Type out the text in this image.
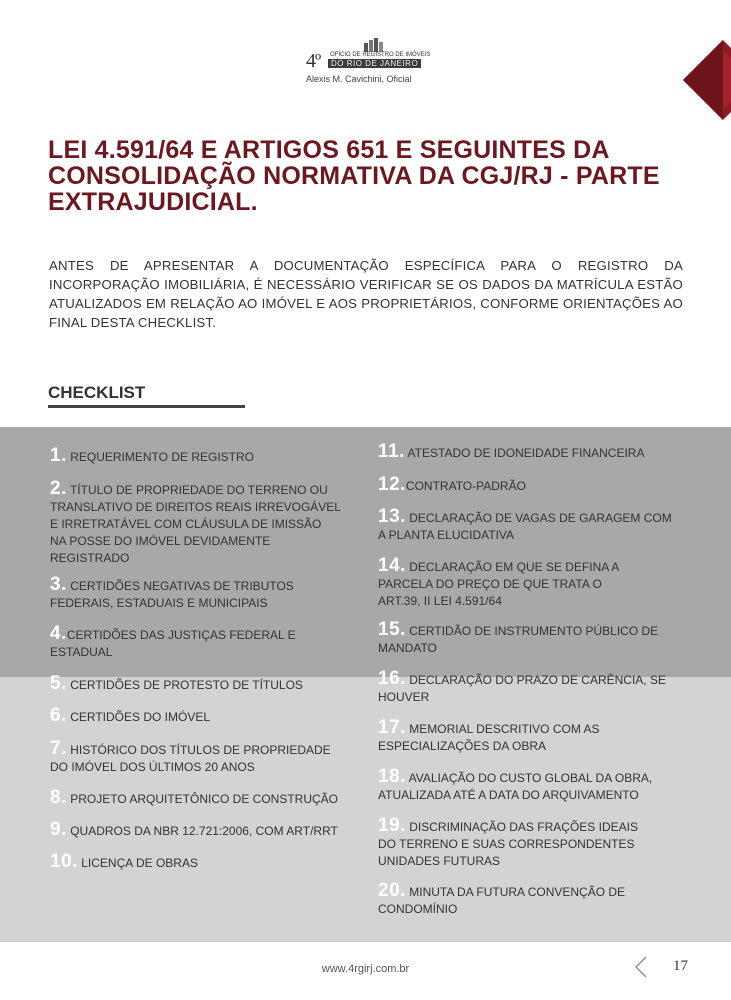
4º OFÍCIO DE REGISTRO DE IMÓVEIS
DO RIO DE JANEIRO
Alexis M. Cavichini, Oficial
LEI 4.591/64 E ARTIGOS 651 E SEGUINTES DA CONSOLIDAÇÃO NORMATIVA DA CGJ/RJ - PARTE EXTRAJUDICIAL.

ANTES DE APRESENTAR A DOCUMENTAÇÃO ESPECÍFICA PARA O REGISTRO DA INCORPORAÇÃO IMOBILIÁRIA, É NECESSÁRIO VERIFICAR SE OS DADOS DA MATRÍCULA ESTÃO ATUALIZADOS EM RELAÇÃO AO IMÓVEL E AOS PROPRIETÁRIOS, CONFORME ORIENTAÇÕES AO FINAL DESTA CHECKLIST.

CHECKLIST
1. REQUERIMENTO DE REGISTRO
2. TÍTULO DE PROPRIEDADE DO TERRENO OU
TRANSLATIVO DE DIREITOS REAIS IRREVOGÁVEL
E IRRETRATÁVEL COM CLÁUSULA DE IMISSÃO
NA POSSE DO IMÓVEL DEVIDAMENTE
REGISTRADO
3. CERTIDÕES NEGATIVAS DE TRIBUTOS
FEDERAIS, ESTADUAIS E MUNICIPAIS
4.CERTIDÕES DAS JUSTIÇAS FEDERAL E
ESTADUAL
5. CERTIDÕES DE PROTESTO DE TÍTULOS
6. CERTIDÕES DO IMÓVEL
7. HISTÓRICO DOS TÍTULOS DE PROPRIEDADE
DO IMÓVEL DOS ÚLTIMOS 20 ANOS
8. PROJETO ARQUITETÔNICO DE CONSTRUÇÃO
9. QUADROS DA NBR 12.721:2006, COM ART/RRT
10. LICENÇA DE OBRAS
11. ATESTADO DE IDONEIDADE FINANCEIRA
12.CONTRATO-PADRÃO
13. DECLARAÇÃO DE VAGAS DE GARAGEM COM
A PLANTA ELUCIDATIVA
14. DECLARAÇÃO EM QUE SE DEFINA A
PARCELA DO PREÇO DE QUE TRATA O
ART.39, II LEI 4.591/64
15. CERTIDÃO DE INSTRUMENTO PÚBLICO DE
MANDATO
16. DECLARAÇÃO DO PRAZO DE CARÊNCIA, SE
HOUVER
17. MEMORIAL DESCRITIVO COM AS
ESPECIALIZAÇÕES DA OBRA
18. AVALIAÇÃO DO CUSTO GLOBAL DA OBRA,
ATUALIZADA ATÉ A DATA DO ARQUIVAMENTO
19. DISCRIMINAÇÃO DAS FRAÇÕES IDEAIS
DO TERRENO E SUAS CORRESPONDENTES
UNIDADES FUTURAS
20. MINUTA DA FUTURA CONVENÇÃO DE
CONDOMÍNIO
www.4rgirj.com.br	17
